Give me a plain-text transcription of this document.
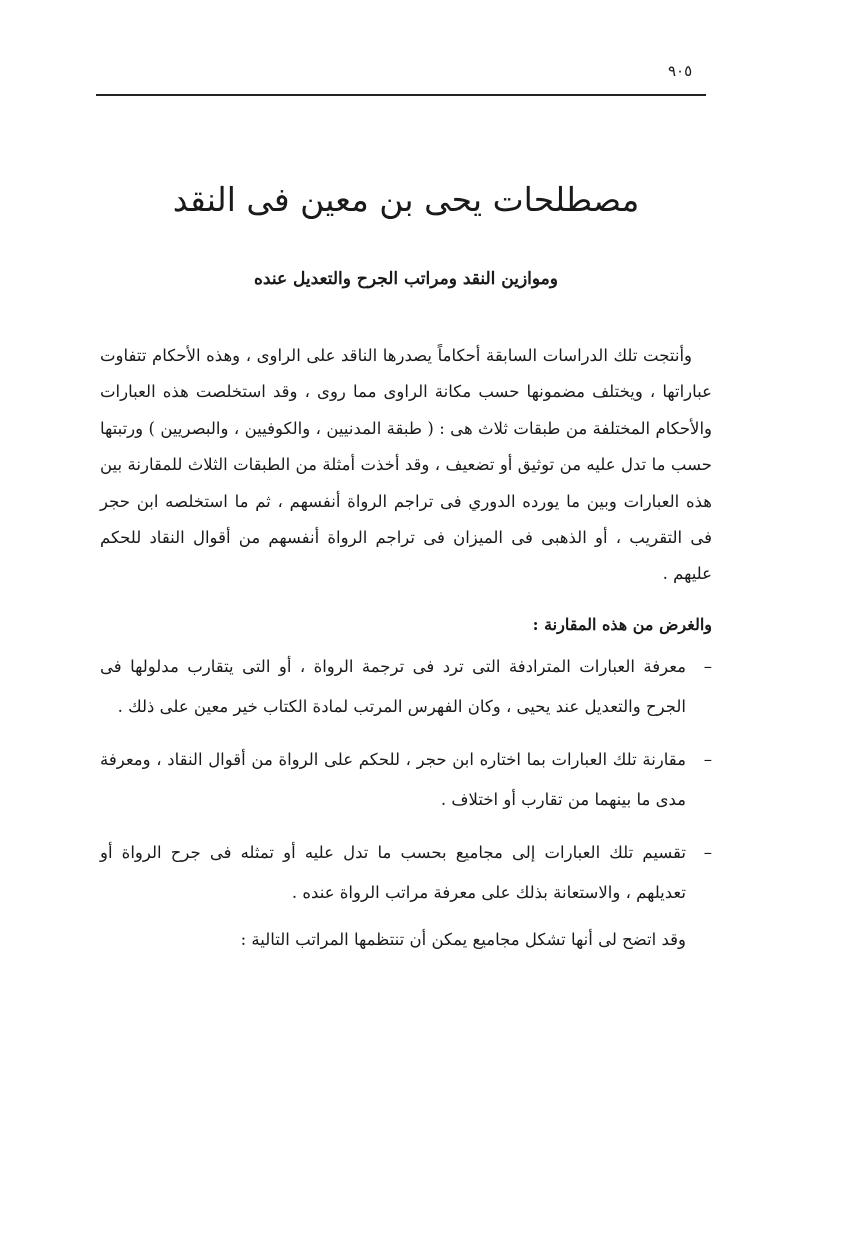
٩٠٥
مصطلحات يحى بن معين فى النقد
وموازين النقد ومراتب الجرح والتعديل عنده

وأنتجت تلك الدراسات السابقة أحكاماً يصدرها الناقد على الراوى ، وهذه الأحكام تتفاوت عباراتها ، ويختلف مضمونها حسب مكانة الراوى مما روى ، وقد استخلصت هذه العبارات والأحكام المختلفة من طبقات ثلاث هى : ( طبقة المدنيين ، والكوفيين ، والبصريين ) ورتبتها حسب ما تدل عليه من توثيق أو تضعيف ، وقد أخذت أمثلة من الطبقات الثلاث للمقارنة بين هذه العبارات وبين ما يورده الدوري فى تراجم الرواة أنفسهم ، ثم ما استخلصه ابن حجر فى التقريب ، أو الذهبى فى الميزان فى تراجم الرواة أنفسهم من أقوال النقاد للحكم عليهم .

والغرض من هذه المقارنة :
–
معرفة العبارات المترادفة التى ترد فى ترجمة الرواة ، أو التى يتقارب مدلولها فى الجرح والتعديل عند يحيى ، وكان الفهرس المرتب لمادة الكتاب خير معين على ذلك .
–
مقارنة تلك العبارات بما اختاره ابن حجر ، للحكم على الرواة من أقوال النقاد ، ومعرفة مدى ما بينهما من تقارب أو اختلاف .
–
تقسيم تلك العبارات إلى مجاميع بحسب ما تدل عليه أو تمثله فى جرح الرواة أو تعديلهم ، والاستعانة بذلك على معرفة مراتب الرواة عنده .

وقد اتضح لى أنها تشكل مجاميع يمكن أن تنتظمها المراتب التالية :
